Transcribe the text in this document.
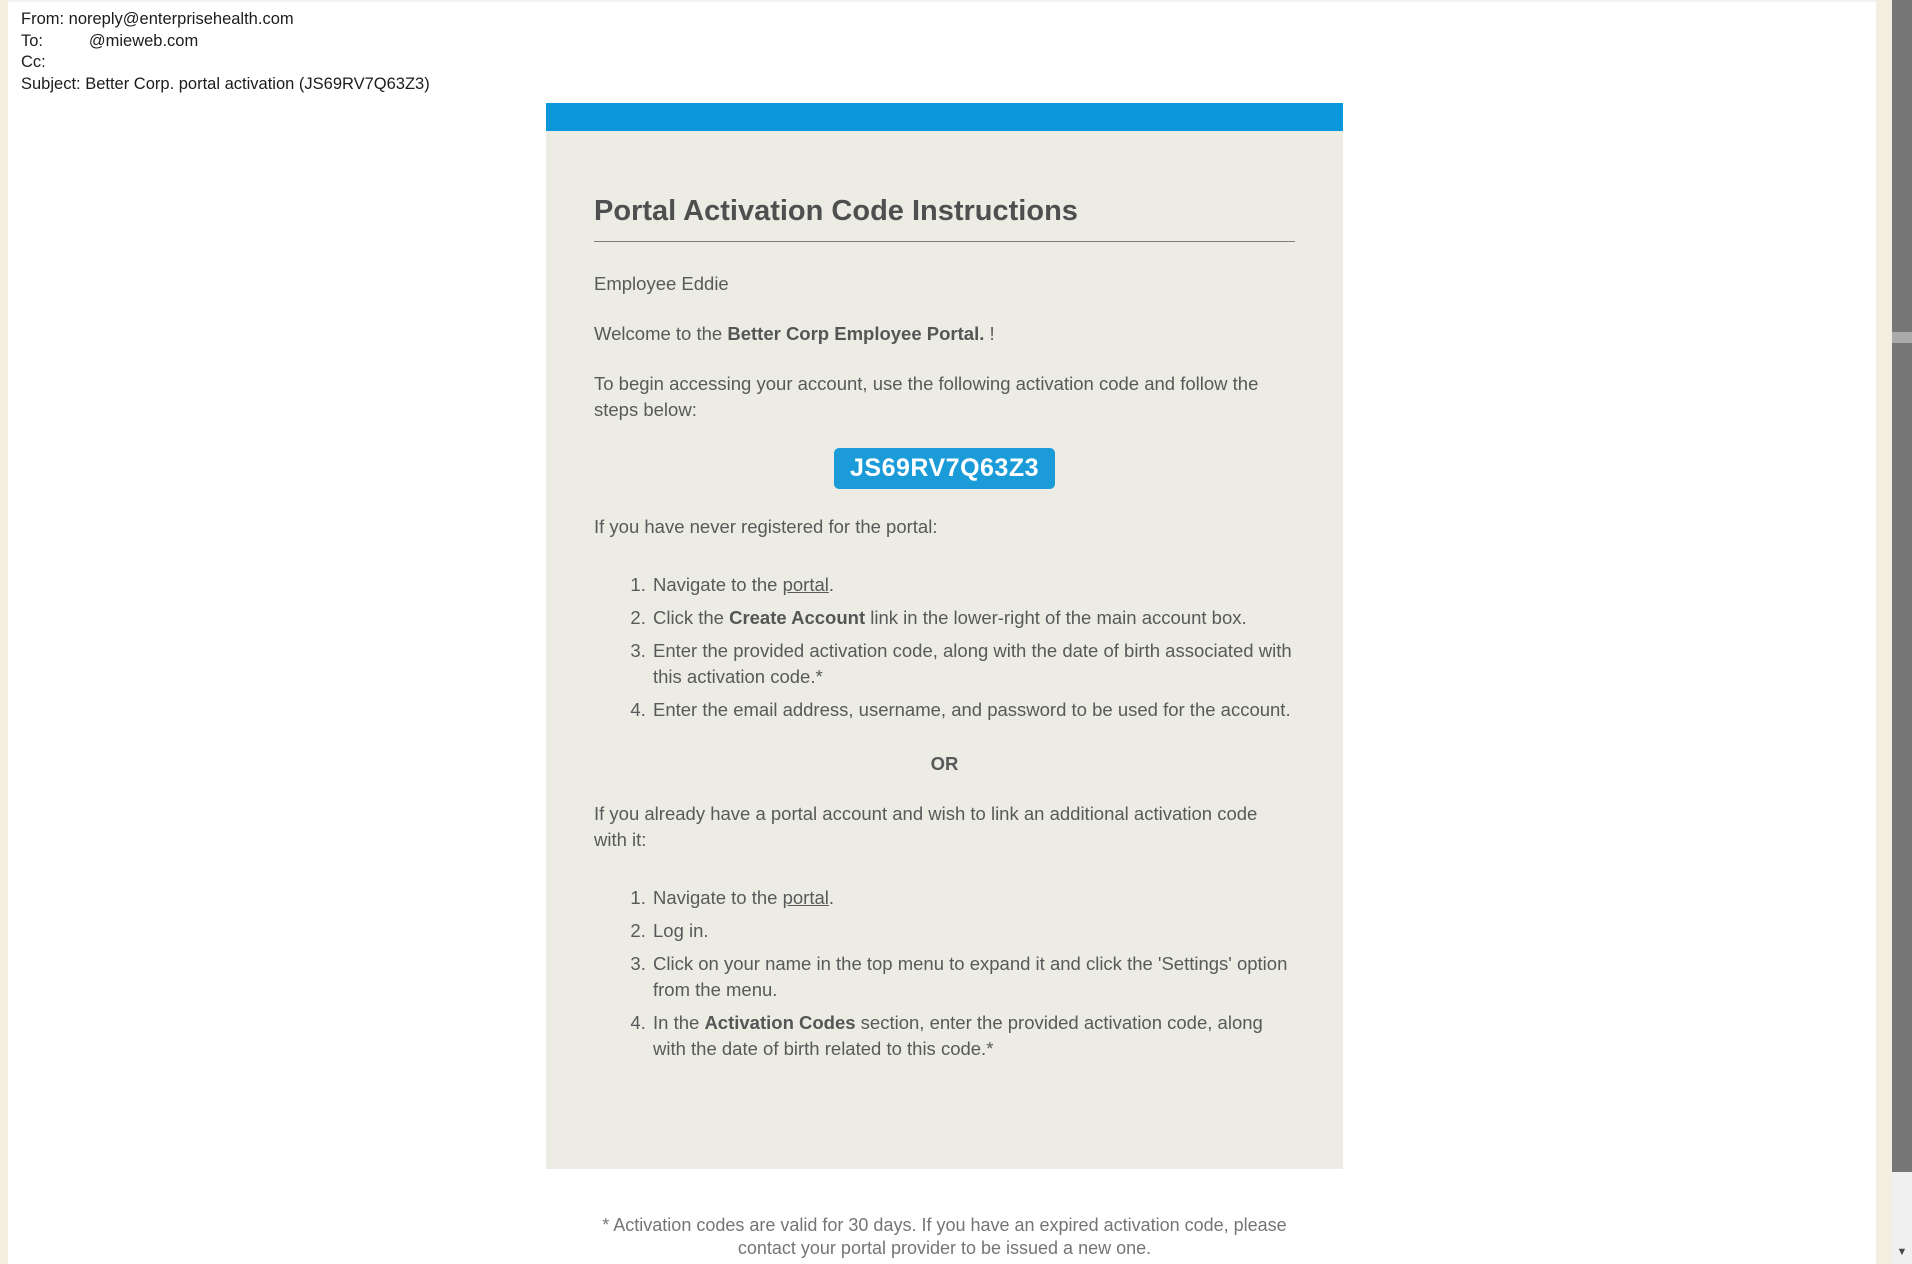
From: noreply@enterprisehealth.com
To:          @mieweb.com
Cc:
Subject: Better Corp. portal activation (JS69RV7Q63Z3)
Portal Activation Code Instructions

Employee Eddie

Welcome to the Better Corp Employee Portal. !

To begin accessing your account, use the following activation code and follow the steps below:

JS69RV7Q63Z3

If you have never registered for the portal:

1. Navigate to the portal.
2. Click the Create Account link in the lower-right of the main account box.
3. Enter the provided activation code, along with the date of birth associated with this activation code.*
4. Enter the email address, username, and password to be used for the account.

OR

If you already have a portal account and wish to link an additional activation code with it:

1. Navigate to the portal.
2. Log in.
3. Click on your name in the top menu to expand it and click the 'Settings' option from the menu.
4. In the Activation Codes section, enter the provided activation code, along with the date of birth related to this code.*
* Activation codes are valid for 30 days. If you have an expired activation code, please
contact your portal provider to be issued a new one.	▼
